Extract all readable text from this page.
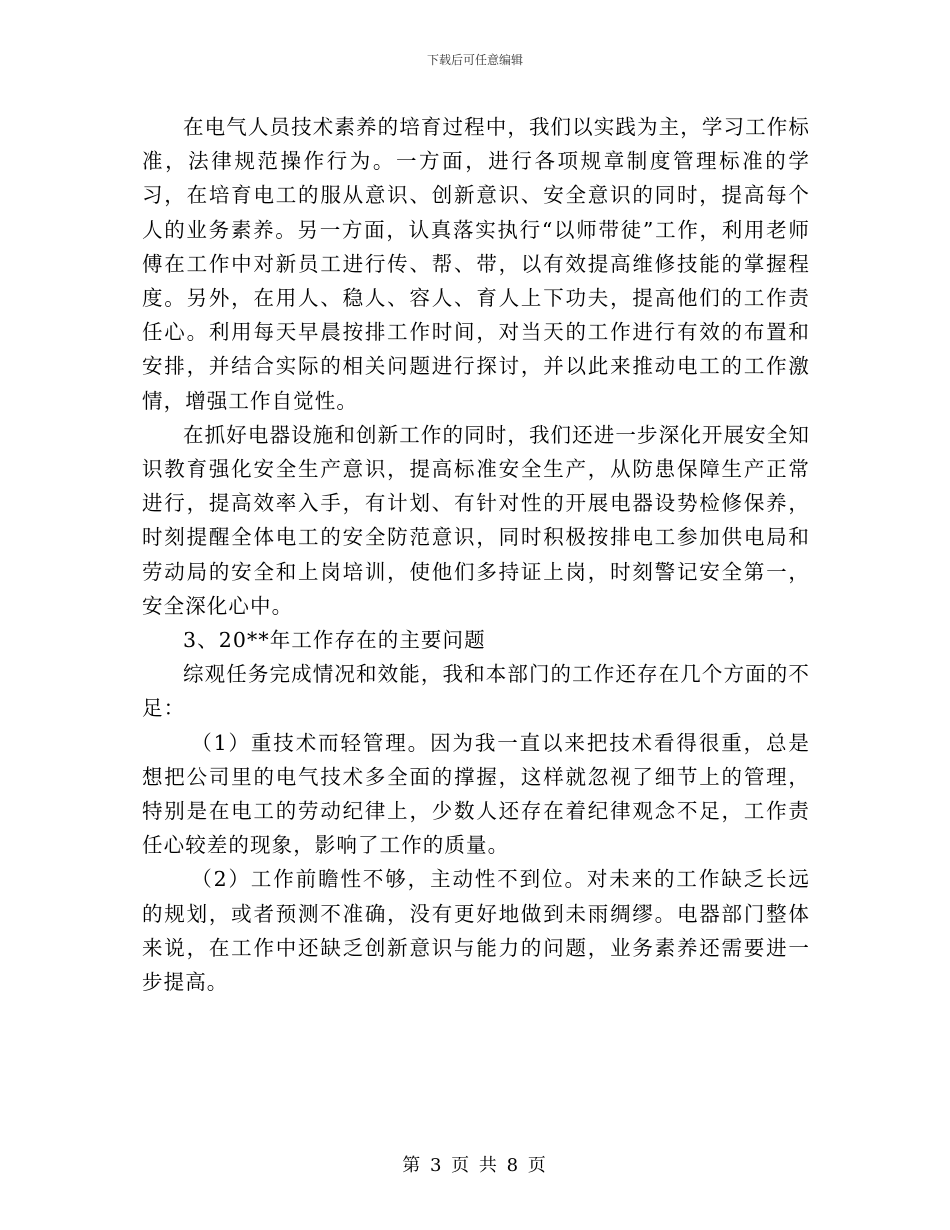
下载后可任意编辑

在电气人员技术素养的培育过程中，我们以实践为主，学习工作标准，法律规范操作行为。一方面，进行各项规章制度管理标准的学习，在培育电工的服从意识、创新意识、安全意识的同时，提高每个人的业务素养。另一方面，认真落实执行“以师带徒”工作，利用老师傅在工作中对新员工进行传、帮、带，以有效提高维修技能的掌握程度。另外，在用人、稳人、容人、育人上下功夫，提高他们的工作责任心。利用每天早晨按排工作时间，对当天的工作进行有效的布置和安排，并结合实际的相关问题进行探讨，并以此来推动电工的工作激情，增强工作自觉性。

在抓好电器设施和创新工作的同时，我们还进一步深化开展安全知识教育强化安全生产意识，提高标准安全生产，从防患保障生产正常进行，提高效率入手，有计划、有针对性的开展电器设势检修保养，时刻提醒全体电工的安全防范意识，同时积极按排电工参加供电局和劳动局的安全和上岗培训，使他们多持证上岗，时刻警记安全第一，安全深化心中。

3、20**年工作存在的主要问题

综观任务完成情况和效能，我和本部门的工作还存在几个方面的不足：

（1）重技术而轻管理。因为我一直以来把技术看得很重，总是想把公司里的电气技术多全面的撑握，这样就忽视了细节上的管理，特别是在电工的劳动纪律上，少数人还存在着纪律观念不足，工作责任心较差的现象，影响了工作的质量。

（2）工作前瞻性不够，主动性不到位。对未来的工作缺乏长远的规划，或者预测不准确，没有更好地做到未雨绸缪。电器部门整体来说，在工作中还缺乏创新意识与能力的问题，业务素养还需要进一步提高。

第 3 页 共 8 页
